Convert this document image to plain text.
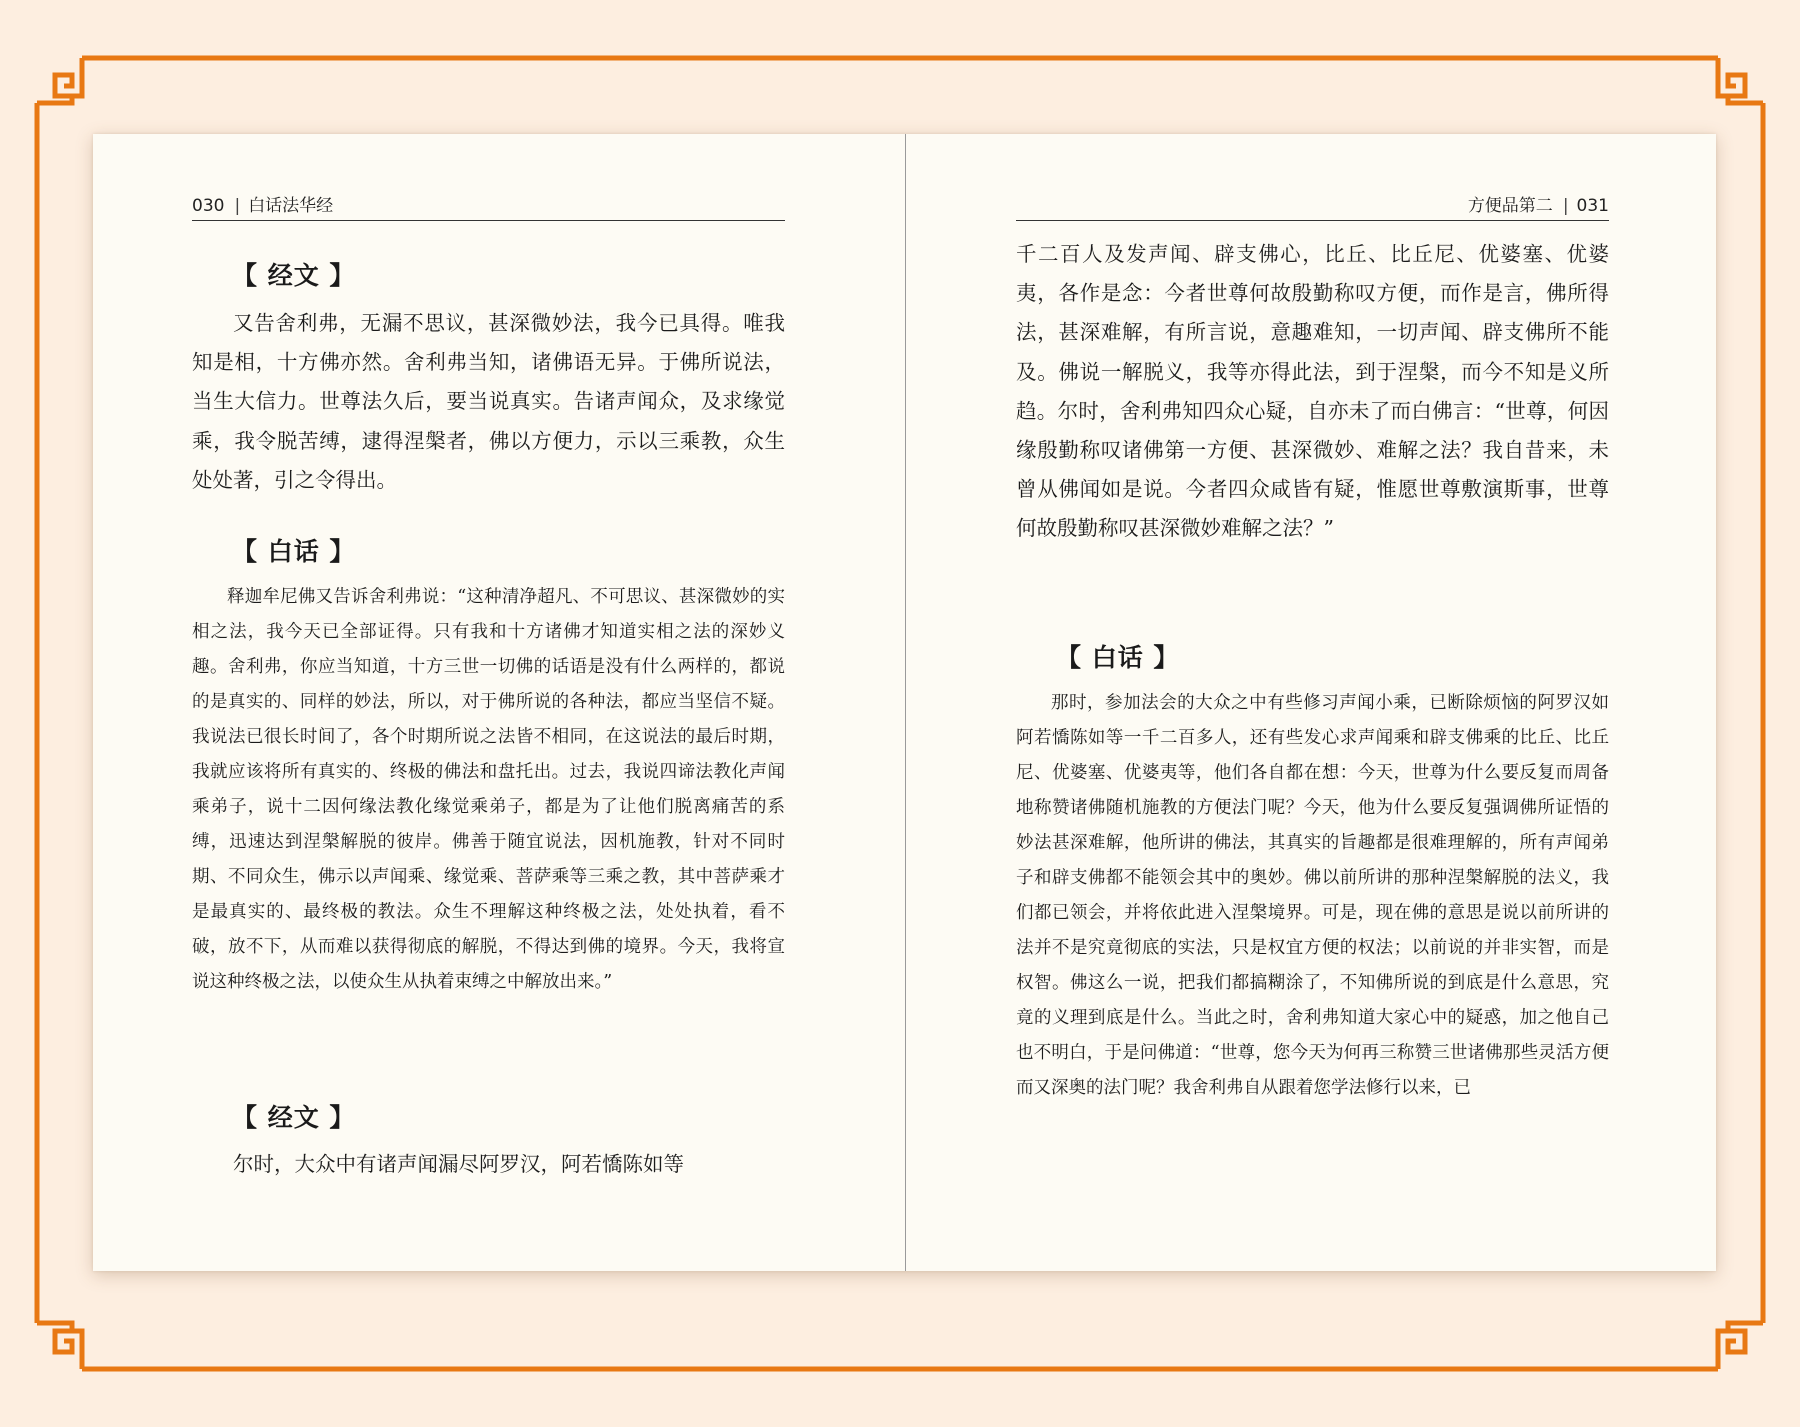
030 | 白话法华经
【 经文 】
又告舍利弗，无漏不思议，甚深微妙法，我今已具得。唯我知是相，十方佛亦然。舍利弗当知，诸佛语无异。于佛所说法，当生大信力。世尊法久后，要当说真实。告诸声闻众，及求缘觉乘，我令脱苦缚，逮得涅槃者，佛以方便力，示以三乘教，众生处处著，引之令得出。
【 白话 】
释迦牟尼佛又告诉舍利弗说：“这种清净超凡、不可思议、甚深微妙的实相之法，我今天已全部证得。只有我和十方诸佛才知道实相之法的深妙义趣。舍利弗，你应当知道，十方三世一切佛的话语是没有什么两样的，都说的是真实的、同样的妙法，所以，对于佛所说的各种法，都应当坚信不疑。我说法已很长时间了，各个时期所说之法皆不相同，在这说法的最后时期，我就应该将所有真实的、终极的佛法和盘托出。过去，我说四谛法教化声闻乘弟子，说十二因何缘法教化缘觉乘弟子，都是为了让他们脱离痛苦的系缚，迅速达到涅槃解脱的彼岸。佛善于随宜说法，因机施教，针对不同时期、不同众生，佛示以声闻乘、缘觉乘、菩萨乘等三乘之教，其中菩萨乘才是最真实的、最终极的教法。众生不理解这种终极之法，处处执着，看不破，放不下，从而难以获得彻底的解脱，不得达到佛的境界。今天，我将宣说这种终极之法，以使众生从执着束缚之中解放出来。”
【 经文 】
尔时，大众中有诸声闻漏尽阿罗汉，阿若憍陈如等
方便品第二 | 031
千二百人及发声闻、辟支佛心，比丘、比丘尼、优婆塞、优婆夷，各作是念：今者世尊何故殷勤称叹方便，而作是言，佛所得法，甚深难解，有所言说，意趣难知，一切声闻、辟支佛所不能及。佛说一解脱义，我等亦得此法，到于涅槃，而今不知是义所趋。尔时，舍利弗知四众心疑，自亦未了而白佛言：“世尊，何因缘殷勤称叹诸佛第一方便、甚深微妙、难解之法？我自昔来，未曾从佛闻如是说。今者四众咸皆有疑，惟愿世尊敷演斯事，世尊何故殷勤称叹甚深微妙难解之法？”
【 白话 】
那时，参加法会的大众之中有些修习声闻小乘，已断除烦恼的阿罗汉如阿若憍陈如等一千二百多人，还有些发心求声闻乘和辟支佛乘的比丘、比丘尼、优婆塞、优婆夷等，他们各自都在想：今天，世尊为什么要反复而周备地称赞诸佛随机施教的方便法门呢？今天，他为什么要反复强调佛所证悟的妙法甚深难解，他所讲的佛法，其真实的旨趣都是很难理解的，所有声闻弟子和辟支佛都不能领会其中的奥妙。佛以前所讲的那种涅槃解脱的法义，我们都已领会，并将依此进入涅槃境界。可是，现在佛的意思是说以前所讲的法并不是究竟彻底的实法，只是权宜方便的权法；以前说的并非实智，而是权智。佛这么一说，把我们都搞糊涂了，不知佛所说的到底是什么意思，究竟的义理到底是什么。当此之时，舍利弗知道大家心中的疑惑，加之他自己也不明白，于是问佛道：“世尊，您今天为何再三称赞三世诸佛那些灵活方便而又深奥的法门呢？我舍利弗自从跟着您学法修行以来，已
